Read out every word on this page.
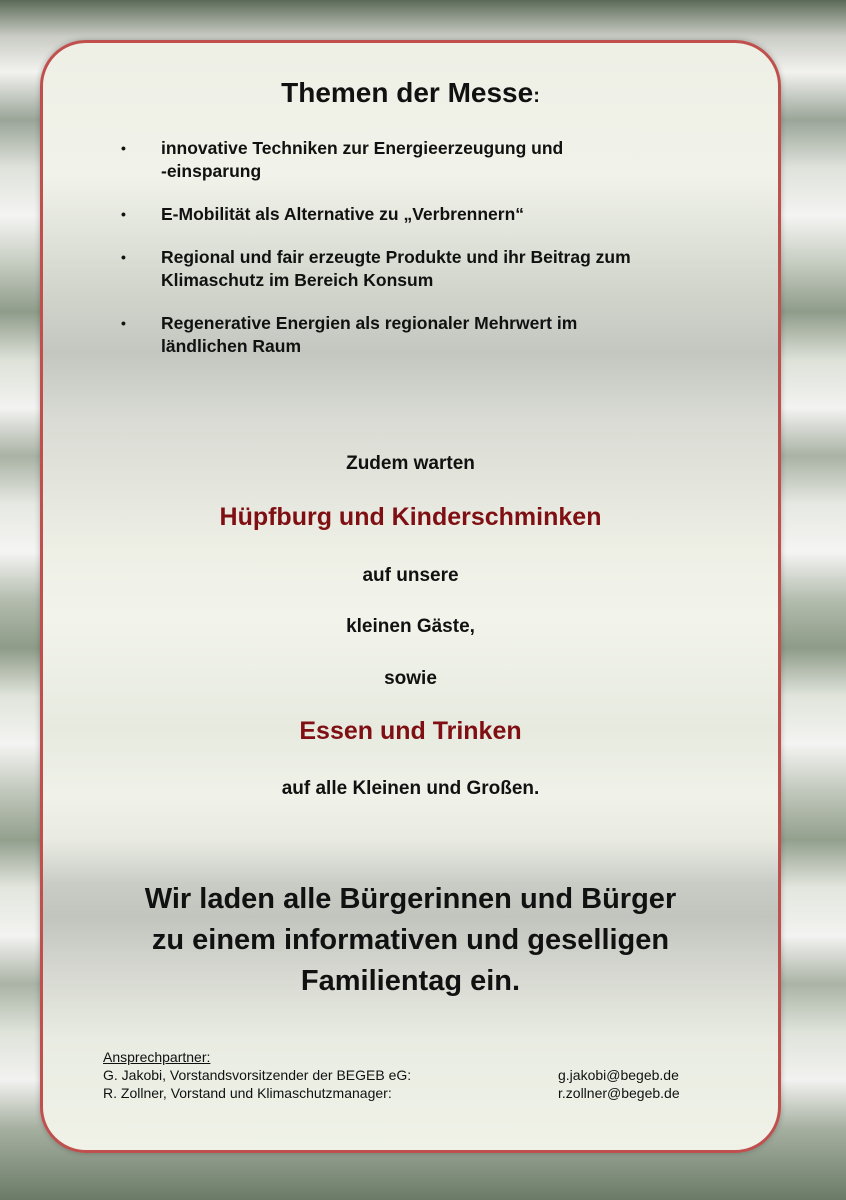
Themen der Messe:
• innovative Techniken zur Energieerzeugung und
-einsparung
• E-Mobilität als Alternative zu „Verbrennern“
• Regional und fair erzeugte Produkte und ihr Beitrag zum
Klimaschutz im Bereich Konsum
• Regenerative Energien als regionaler Mehrwert im
ländlichen Raum
Zudem warten
Hüpfburg und Kinderschminken
auf unsere
kleinen Gäste,
sowie
Essen und Trinken
auf alle Kleinen und Großen.
Wir laden alle Bürgerinnen und Bürger
zu einem informativen und geselligen
Familientag ein.
Ansprechpartner:
G. Jakobi, Vorstandsvorsitzender der BEGEB eG:	g.jakobi@begeb.de
R. Zollner, Vorstand und Klimaschutzmanager:	r.zollner@begeb.de
